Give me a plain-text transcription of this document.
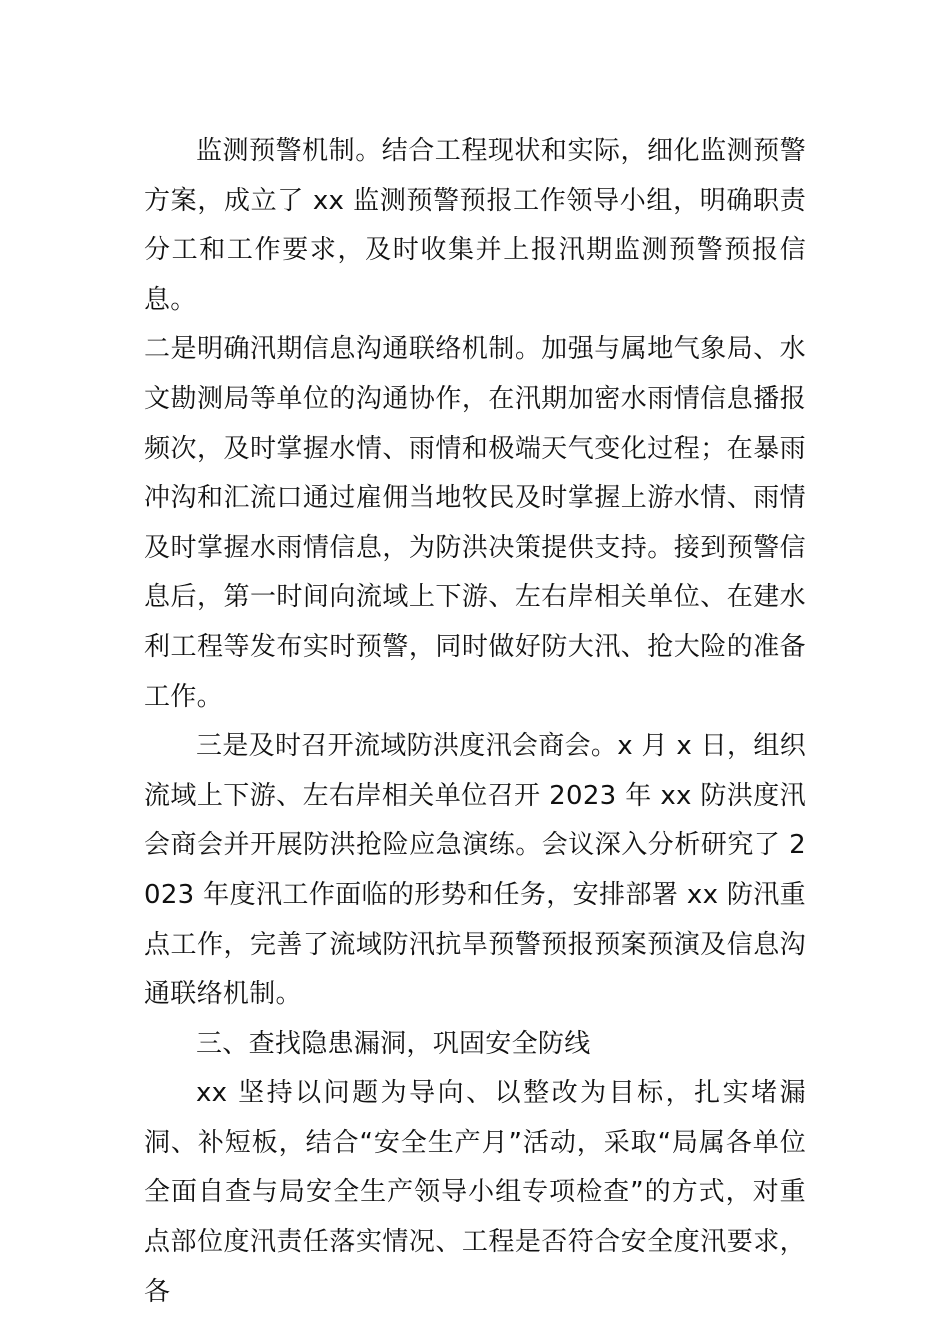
监测预警机制。结合工程现状和实际，细化监测预警方案，成立了 xx 监测预警预报工作领导小组，明确职责分工和工作要求，及时收集并上报汛期监测预警预报信息。

二是明确汛期信息沟通联络机制。加强与属地气象局、水文勘测局等单位的沟通协作，在汛期加密水雨情信息播报频次，及时掌握水情、雨情和极端天气变化过程；在暴雨冲沟和汇流口通过雇佣当地牧民及时掌握上游水情、雨情及时掌握水雨情信息，为防洪决策提供支持。接到预警信息后，第一时间向流域上下游、左右岸相关单位、在建水利工程等发布实时预警，同时做好防大汛、抢大险的准备工作。

三是及时召开流域防洪度汛会商会。x 月 x 日，组织流域上下游、左右岸相关单位召开 2023 年 xx 防洪度汛会商会并开展防洪抢险应急演练。会议深入分析研究了 2023 年度汛工作面临的形势和任务，安排部署 xx 防汛重点工作，完善了流域防汛抗旱预警预报预案预演及信息沟通联络机制。

三、查找隐患漏洞，巩固安全防线

xx 坚持以问题为导向、以整改为目标，扎实堵漏洞、补短板，结合“安全生产月”活动，采取“局属各单位全面自查与局安全生产领导小组专项检查”的方式，对重点部位度汛责任落实情况、工程是否符合安全度汛要求，各
